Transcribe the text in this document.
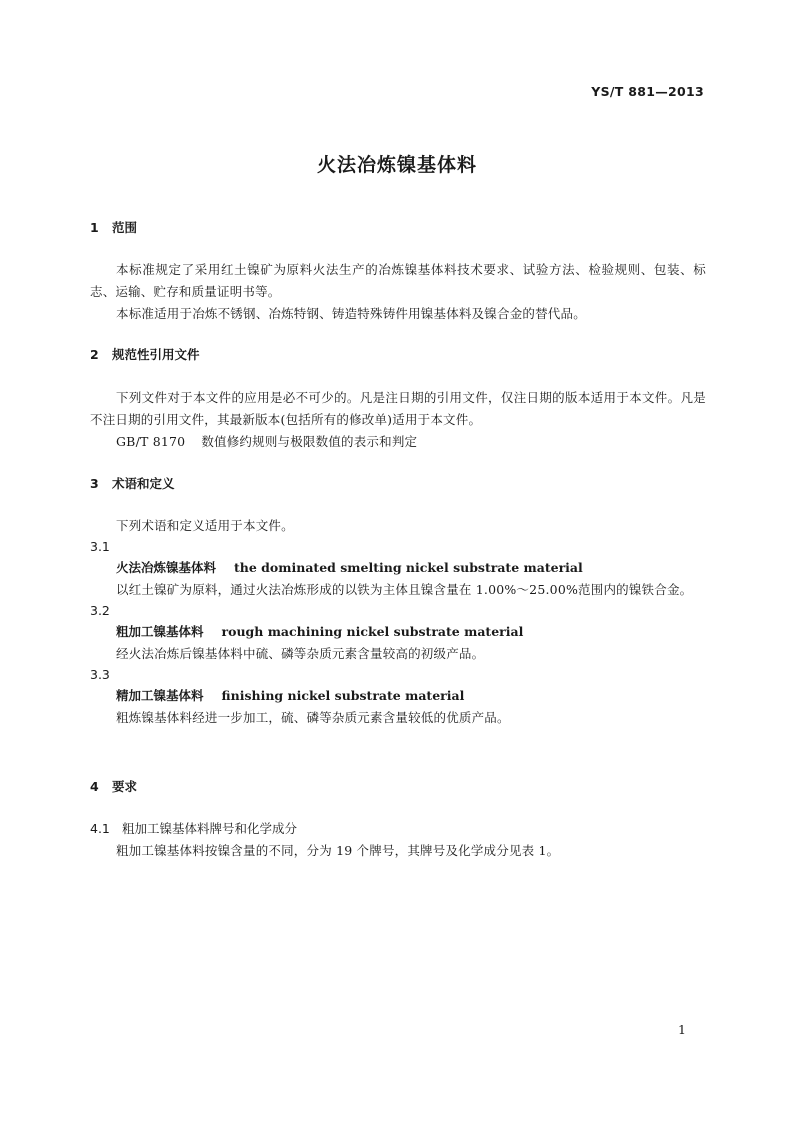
YS/T 881—2013
火法冶炼镍基体料
1 范围
本标准规定了采用红土镍矿为原料火法生产的冶炼镍基体料技术要求、试验方法、检验规则、包装、标志、运输、贮存和质量证明书等。
本标准适用于冶炼不锈钢、冶炼特钢、铸造特殊铸件用镍基体料及镍合金的替代品。
2 规范性引用文件
下列文件对于本文件的应用是必不可少的。凡是注日期的引用文件，仅注日期的版本适用于本文件。凡是不注日期的引用文件，其最新版本(包括所有的修改单)适用于本文件。
GB/T 8170 数值修约规则与极限数值的表示和判定
3 术语和定义
下列术语和定义适用于本文件。
3.1
火法冶炼镍基体料 the dominated smelting nickel substrate material
以红土镍矿为原料，通过火法冶炼形成的以铁为主体且镍含量在 1.00%～25.00%范围内的镍铁合金。
3.2
粗加工镍基体料 rough machining nickel substrate material
经火法冶炼后镍基体料中硫、磷等杂质元素含量较高的初级产品。
3.3
精加工镍基体料 finishing nickel substrate material
粗炼镍基体料经进一步加工，硫、磷等杂质元素含量较低的优质产品。
4 要求
4.1 粗加工镍基体料牌号和化学成分
粗加工镍基体料按镍含量的不同，分为 19 个牌号，其牌号及化学成分见表 1。
1
